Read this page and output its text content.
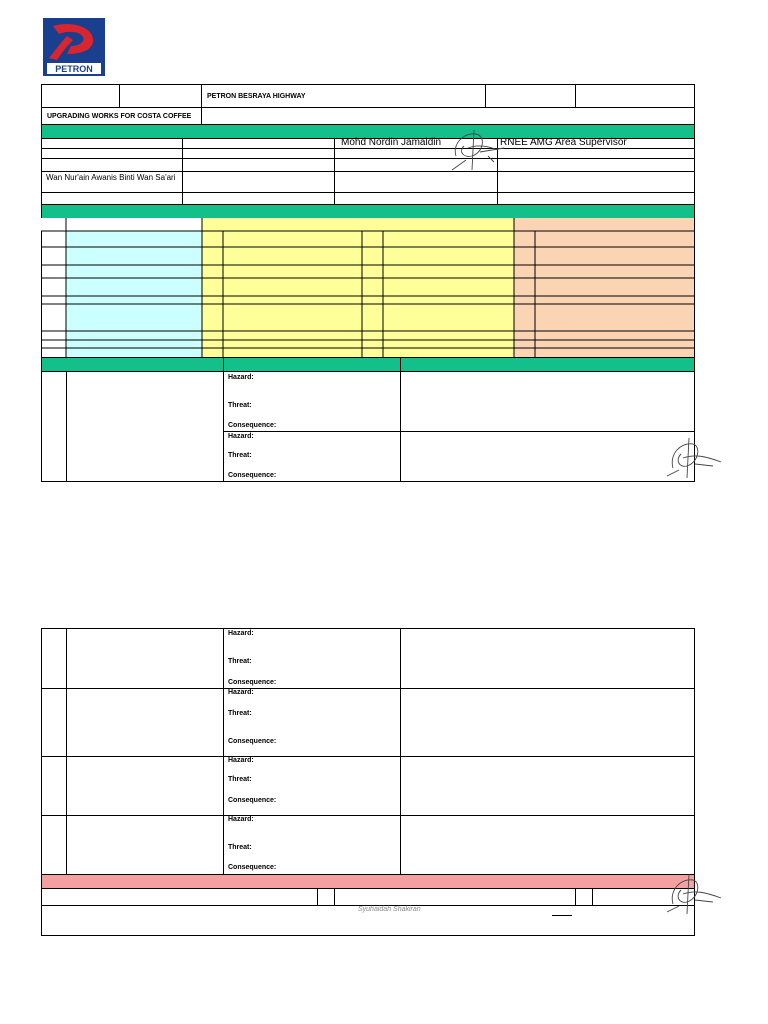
PETRON
PETRON BESRAYA HIGHWAY
UPGRADING WORKS FOR COSTA COFFEE
Mohd Nordin Jamaldin	RNEE AMG Area Supervisor
Wan Nur'ain Awanis Binti Wan Sa'ari
Hazard:
Threat:
Consequence:
Hazard:
Threat:
Consequence:
Hazard:
Threat:
Consequence:
Hazard:
Threat:
Consequence:
Hazard:
Threat:
Consequence:
Hazard:
Threat:
Consequence:
Syuhaidah Shakiran
